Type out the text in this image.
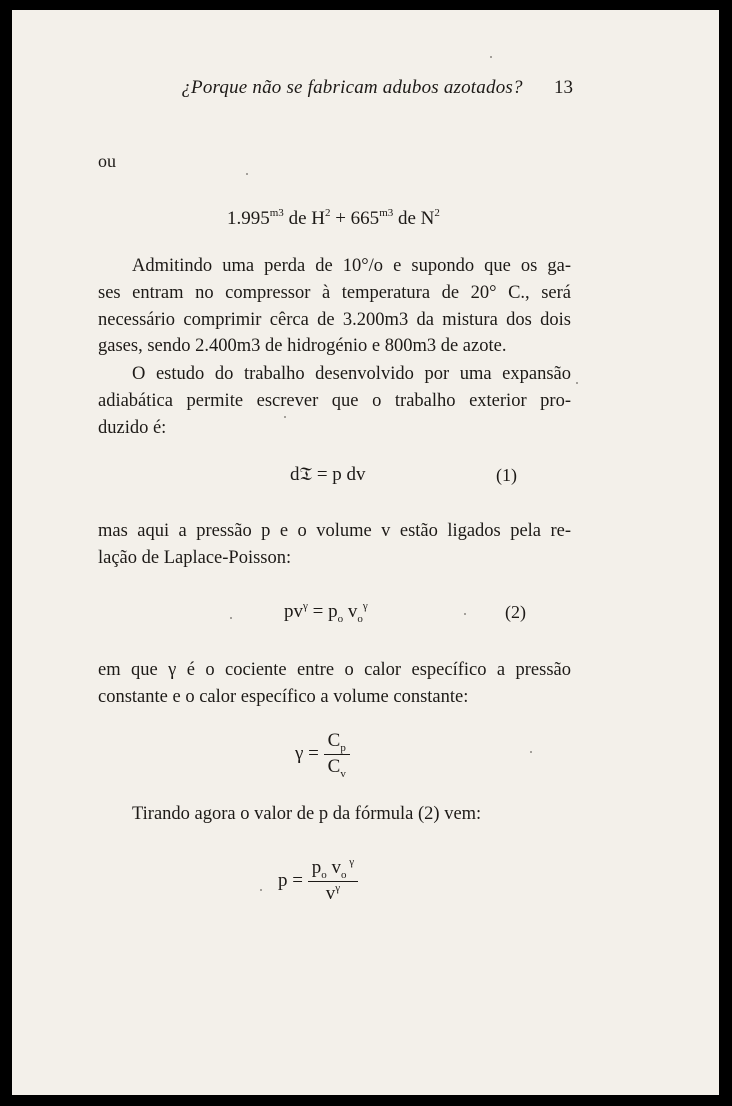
¿Porque não se fabricam adubos azotados?	13
ou
$1.995^{m3}$ de $H^2 + 665^{m3}$ de $N^2$
Admitindo uma perda de 10°/o e supondo que os ga-
ses entram no compressor à temperatura de 20° C., será
necessário comprimir cêrca de 3.200m3 da mistura dos dois
gases, sendo 2.400m3 de hidrogénio e 800m3 de azote.
O estudo do trabalho desenvolvido por uma expansão
adiabática permite escrever que o trabalho exterior pro-
duzido é:
d𝔗 = p dv	(1)
mas aqui a pressão p e o volume v estão ligados pela re-
lação de Laplace-Poisson:
$pv^\gamma = p_o$ $v_o^\gamma$	(2)
em que γ é o cociente entre o calor específico a pressão
constante e o calor específico a volume constante:
$\gamma = \frac{C_p}{C_v}$
Tirando agora o valor de p da fórmula (2) vem:
$p = \frac{p_o v_o ^\gamma}{v^\gamma}$
